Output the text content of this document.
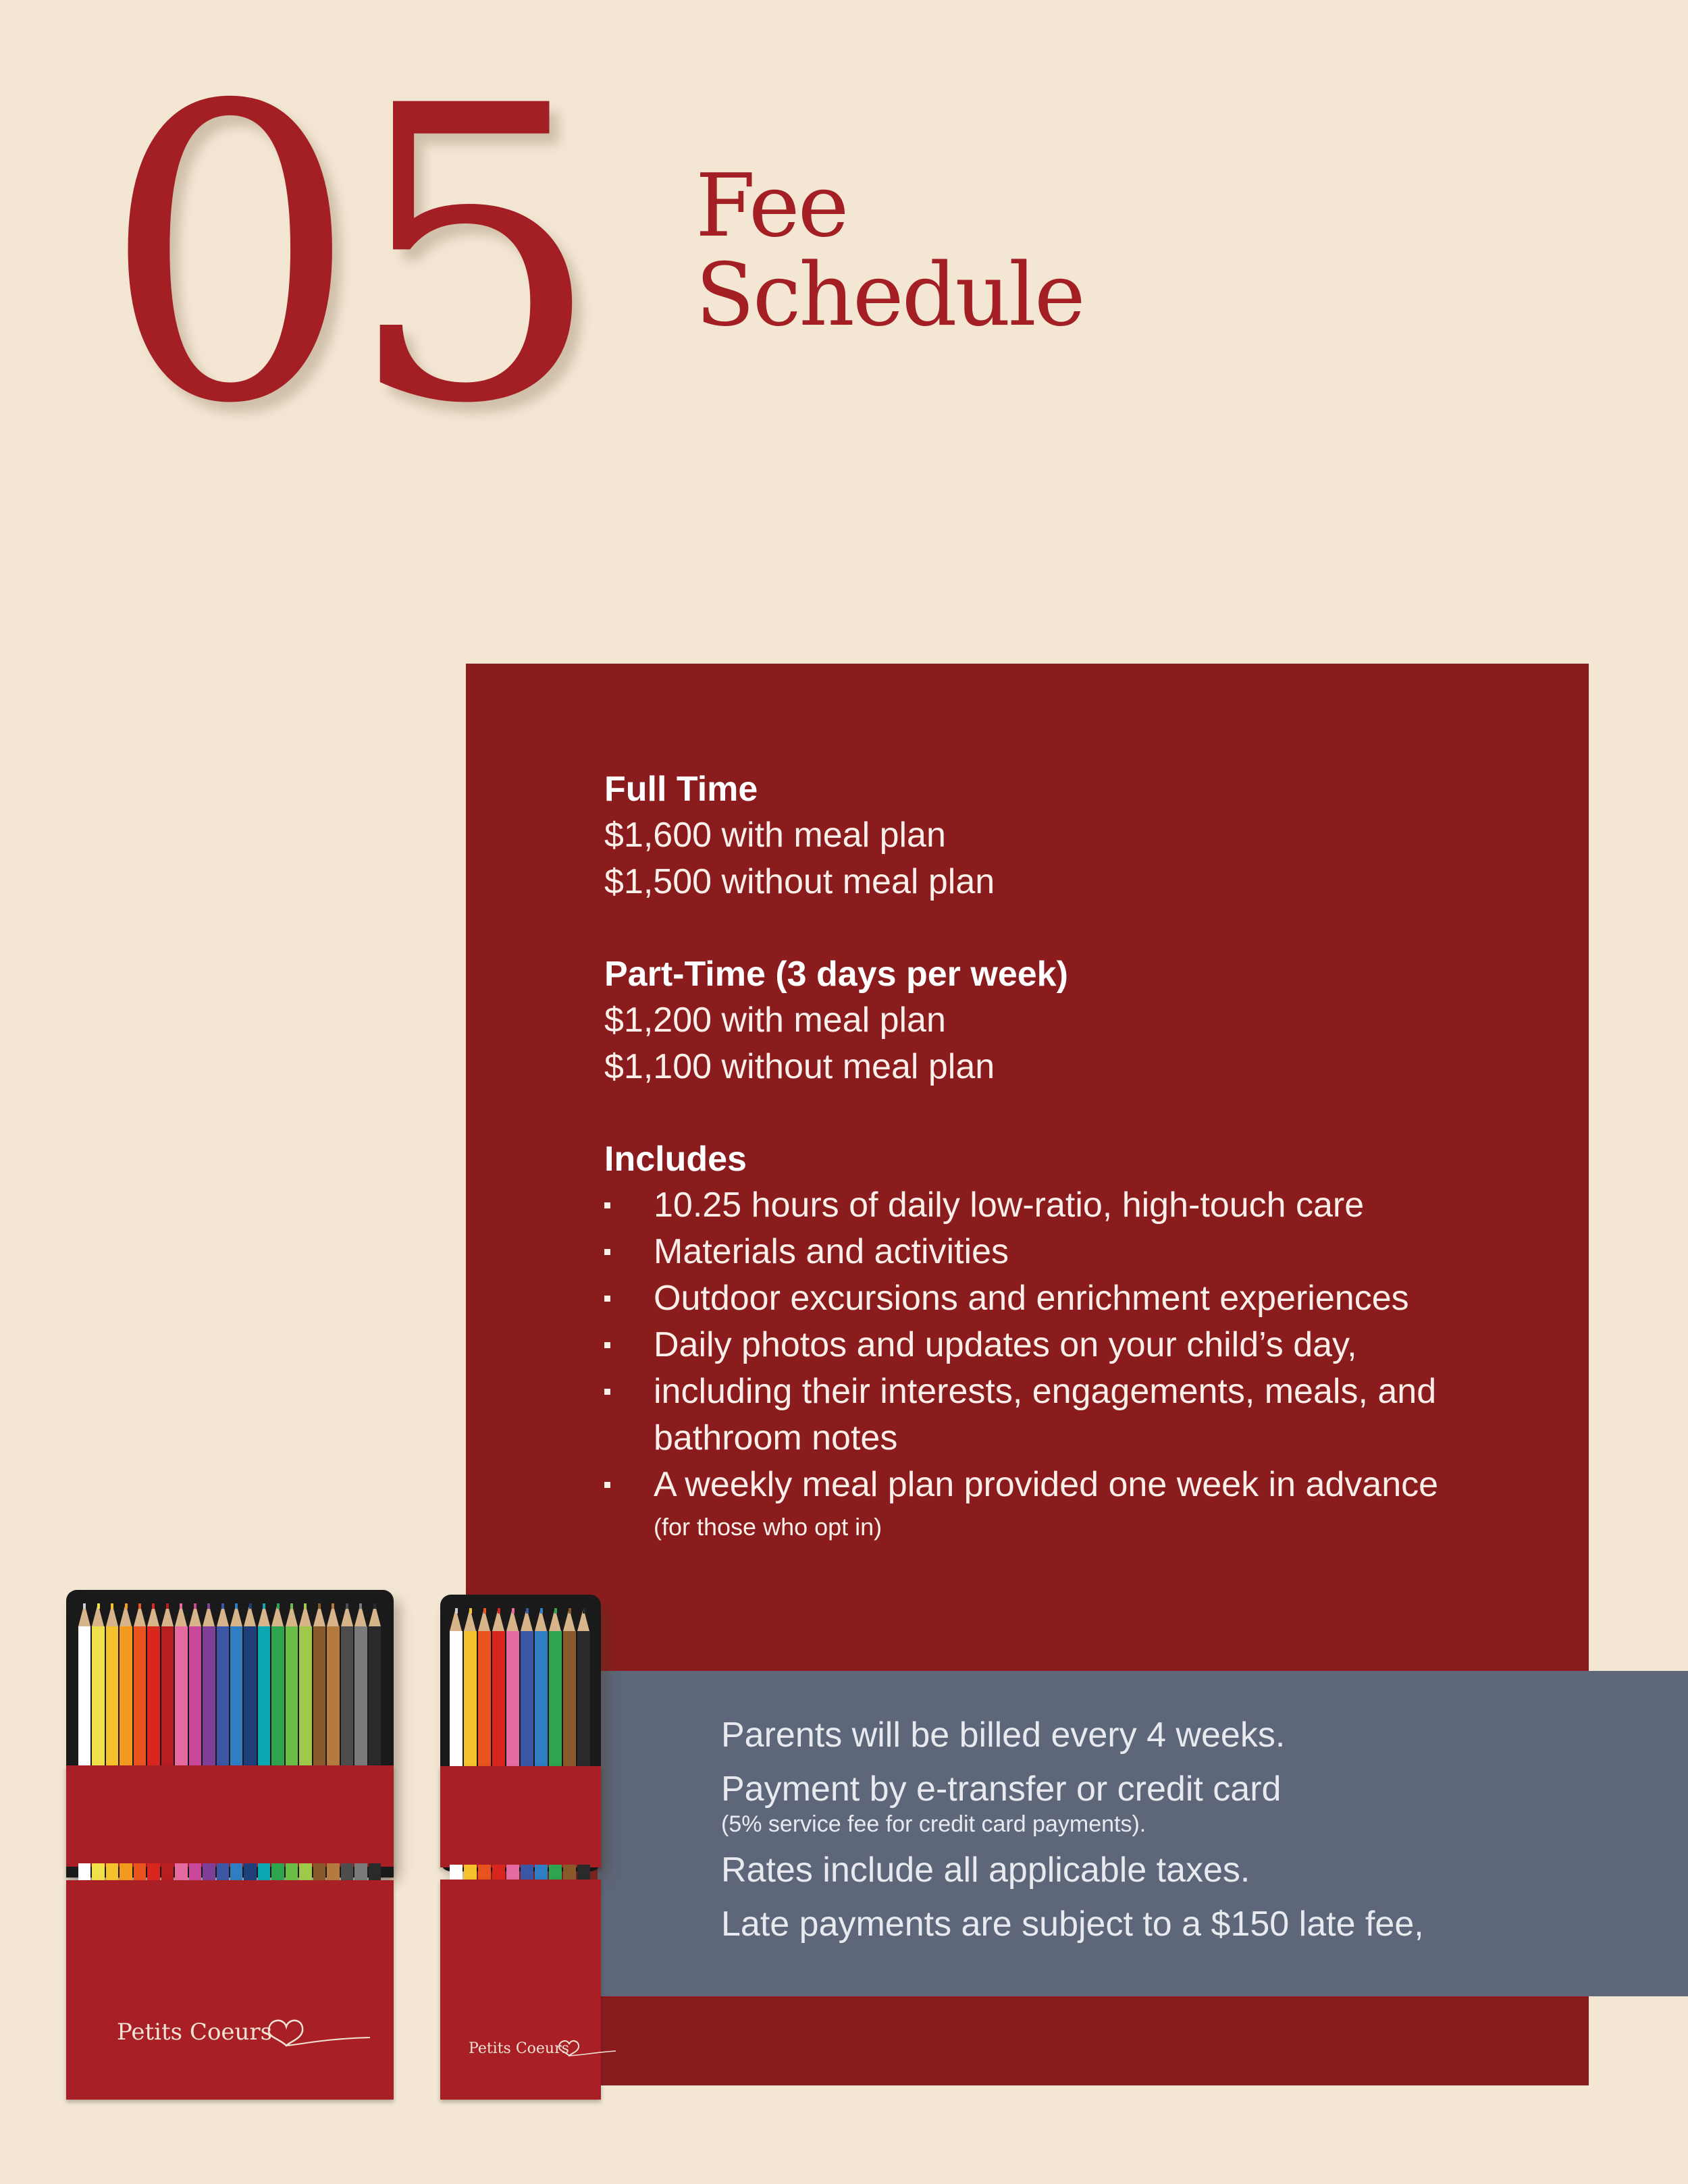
05 Fee
Schedule
Full Time
$1,600 with meal plan
$1,500 without meal plan
Part-Time (3 days per week)
$1,200 with meal plan
$1,100 without meal plan
Includes
10.25 hours of daily low-ratio, high-touch care
Materials and activities
Outdoor excursions and enrichment experiences
Daily photos and updates on your child’s day,
including their interests, engagements, meals, and
bathroom notes
A weekly meal plan provided one week in advance
(for those who opt in)
Parents will be billed every 4 weeks.
Payment by e-transfer or credit card
(5% service fee for credit card payments).
Rates include all applicable taxes.
Late payments are subject to a $150 late fee,
Petits Coeurs
Petits Coeurs
